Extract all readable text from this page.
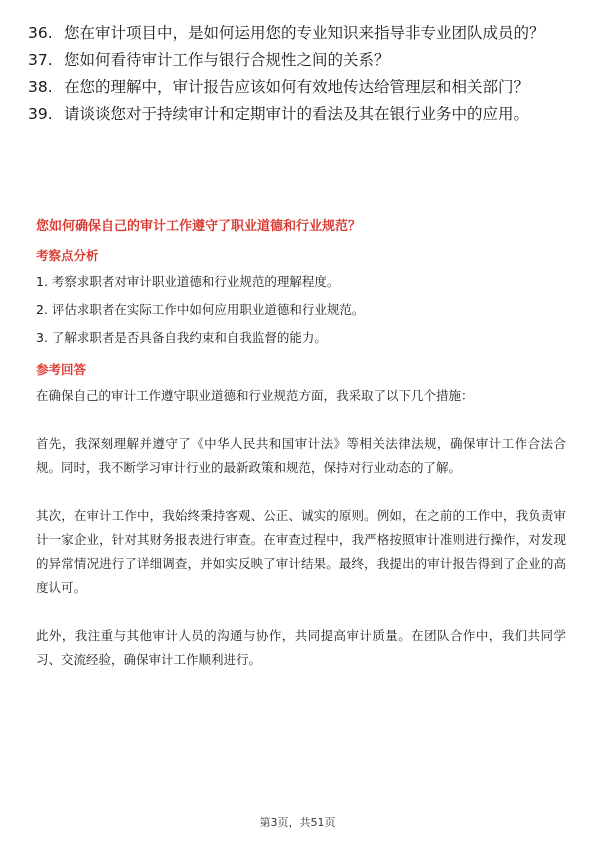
36. 您在审计项目中，是如何运用您的专业知识来指导非专业团队成员的？
37. 您如何看待审计工作与银行合规性之间的关系？
38. 在您的理解中，审计报告应该如何有效地传达给管理层和相关部门？
39. 请谈谈您对于持续审计和定期审计的看法及其在银行业务中的应用。
您如何确保自己的审计工作遵守了职业道德和行业规范？
考察点分析
1. 考察求职者对审计职业道德和行业规范的理解程度。
2. 评估求职者在实际工作中如何应用职业道德和行业规范。
3. 了解求职者是否具备自我约束和自我监督的能力。
参考回答
在确保自己的审计工作遵守职业道德和行业规范方面，我采取了以下几个措施：
首先，我深刻理解并遵守了《中华人民共和国审计法》等相关法律法规，确保审计工作合法合规。同时，我不断学习审计行业的最新政策和规范，保持对行业动态的了解。
其次，在审计工作中，我始终秉持客观、公正、诚实的原则。例如，在之前的工作中，我负责审计一家企业，针对其财务报表进行审查。在审查过程中，我严格按照审计准则进行操作，对发现的异常情况进行了详细调查，并如实反映了审计结果。最终，我提出的审计报告得到了企业的高度认可。
此外，我注重与其他审计人员的沟通与协作，共同提高审计质量。在团队合作中，我们共同学习、交流经验，确保审计工作顺利进行。
第3页，共51页
